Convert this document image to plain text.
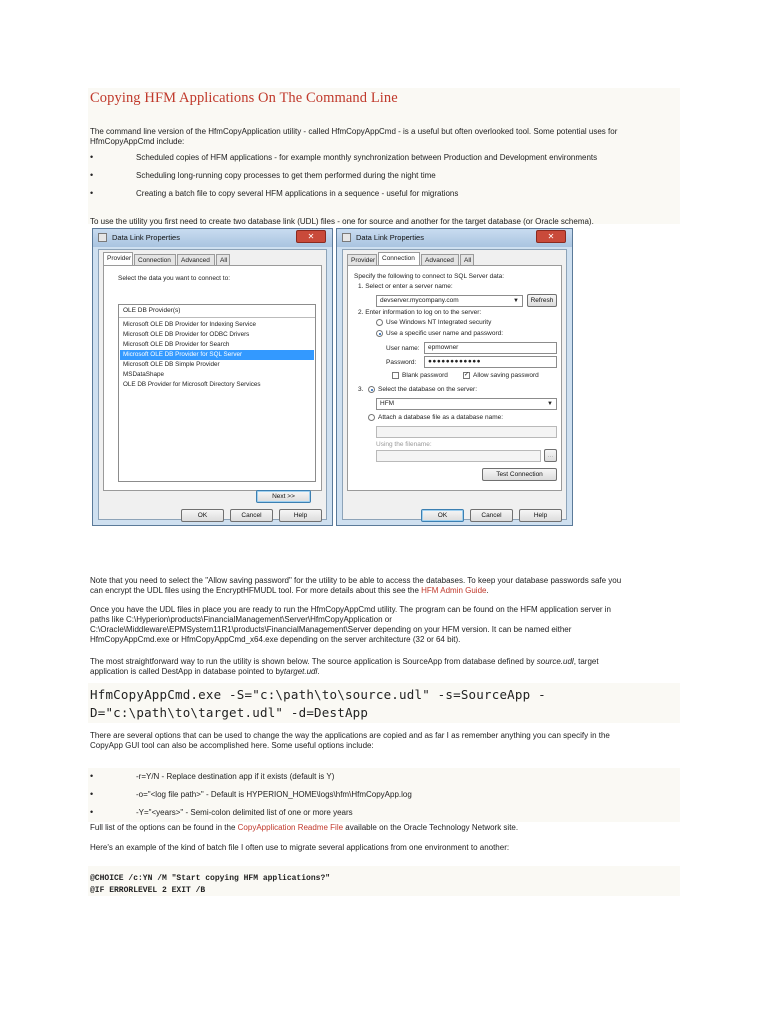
Copying HFM Applications On The Command Line
The command line version of the HfmCopyApplication utility - called HfmCopyAppCmd - is a useful but often overlooked tool. Some potential uses for
HfmCopyAppCmd include:
•	Scheduled copies of HFM applications - for example monthly synchronization between Production and Development environments
•	Scheduling long-running copy processes to get them performed during the night time
•	Creating a batch file to copy several HFM applications in a sequence - useful for migrations
To use the utility you first need to create two database link (UDL) files - one for source and another for the target database (or Oracle schema).
Data Link Properties	✕
Provider	Connection	Advanced	All
Select the data you want to connect to:
OLE DB Provider(s)
Microsoft OLE DB Provider for Indexing Service
Microsoft OLE DB Provider for ODBC Drivers
Microsoft OLE DB Provider for Search
Microsoft OLE DB Provider for SQL Server
Microsoft OLE DB Simple Provider
MSDataShape
OLE DB Provider for Microsoft Directory Services
Next >>
OK	Cancel	Help
Data Link Properties	✕
Provider	Connection	Advanced	All
Specify the following to connect to SQL Server data:
1. Select or enter a server name:
devserver.mycompany.com	▼	Refresh
2. Enter information to log on to the server:
Use Windows NT Integrated security
Use a specific user name and password:
User name:	epmowner
Password:	●●●●●●●●●●●●
Blank password	✓ Allow saving password
3. Select the database on the server:
HFM	▼
Attach a database file as a database name:
Using the filename:
...
Test Connection
OK	Cancel	Help
Note that you need to select the "Allow saving password" for the utility to be able to access the databases. To keep your database passwords safe you
can encrypt the UDL files using the EncryptHFMUDL tool. For more details about this see the HFM Admin Guide.
Once you have the UDL files in place you are ready to run the HfmCopyAppCmd utility. The program can be found on the HFM application server in
paths like C:\Hyperion\products\FinancialManagement\Server\HfmCopyApplication or
C:\Oracle\Middleware\EPMSystem11R1\products\FinancialManagement\Server depending on your HFM version. It can be named either
HfmCopyAppCmd.exe or HfmCopyAppCmd_x64.exe depending on the server architecture (32 or 64 bit).
The most straightforward way to run the utility is shown below. The source application is SourceApp from database defined by source.udl, target
application is called DestApp in database pointed to bytarget.udl.
HfmCopyAppCmd.exe -S="c:\path\to\source.udl" -s=SourceApp -
D="c:\path\to\target.udl" -d=DestApp
There are several options that can be used to change the way the applications are copied and as far I as remember anything you can specify in the
CopyApp GUI tool can also be accomplished here. Some useful options include:
•	-r=Y/N - Replace destination app if it exists (default is Y)
•	-o="<log file path>" - Default is HYPERION_HOME\logs\hfm\HfmCopyApp.log
•	-Y="<years>" - Semi-colon delimited list of one or more years
Full list of the options can be found in the CopyApplication Readme File available on the Oracle Technology Network site.
Here's an example of the kind of batch file I often use to migrate several applications from one environment to another:
@CHOICE /c:YN /M "Start copying HFM applications?"
@IF ERRORLEVEL 2 EXIT /B
